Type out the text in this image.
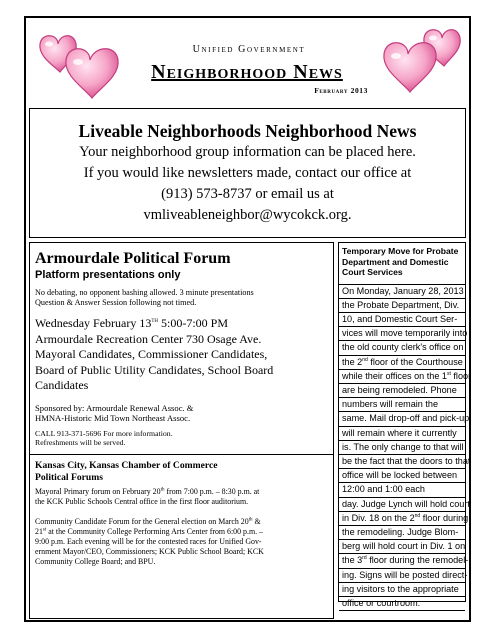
Unified Government
Neighborhood News
February 2013
Liveable Neighborhoods Neighborhood News
Your neighborhood group information can be placed here.
If you would like newsletters made, contact our office at
(913) 573-8737 or email us at
vmliveableneighbor@wycokck.org.
Armourdale Political Forum
Platform presentations only
No debating, no opponent bashing allowed. 3 minute presentations
Question & Answer Session following not timed.
Wednesday February 13TH 5:00-7:00 PM
Armourdale Recreation Center 730 Osage Ave.
Mayoral Candidates, Commissioner Candidates,
Board of Public Utility Candidates, School Board
Candidates
Sponsored by: Armourdale Renewal Assoc. &
HMNA-Historic Mid Town Northeast Assoc.
CALL 913-371-5696 For more information.
Refreshments will be served.
Kansas City, Kansas Chamber of Commerce
Political Forums
Mayoral Primary forum on February 20th from 7:00 p.m. – 8:30 p.m. at
the KCK Public Schools Central office in the first floor auditorium.
Community Candidate Forum for the General election on March 20th &
21st at the Community College Performing Arts Center from 6:00 p.m. –
9:00 p.m. Each evening will be for the contested races for Unified Gov-
ernment Mayor/CEO, Commissioners; KCK Public School Board; KCK
Community College Board; and BPU.
Temporary Move for Probate
Department and Domestic
Court Services
On Monday, January 28, 2013
the Probate Department, Div.
10, and Domestic Court Ser-
vices will move temporarily into
the old county clerk's office on
the 2nd floor of the Courthouse
while their offices on the 1st floor
are being remodeled. Phone
numbers will remain the
same. Mail drop-off and pick-up
will remain where it currently
is. The only change to that will
be the fact that the doors to that
office will be locked between
12:00 and 1:00 each
day. Judge Lynch will hold court
in Div. 18 on the 2nd floor during
the remodeling. Judge Blom-
berg will hold court in Div. 1 on
the 3rd floor during the remodel-
ing. Signs will be posted direct-
ing visitors to the appropriate
office or courtroom.
